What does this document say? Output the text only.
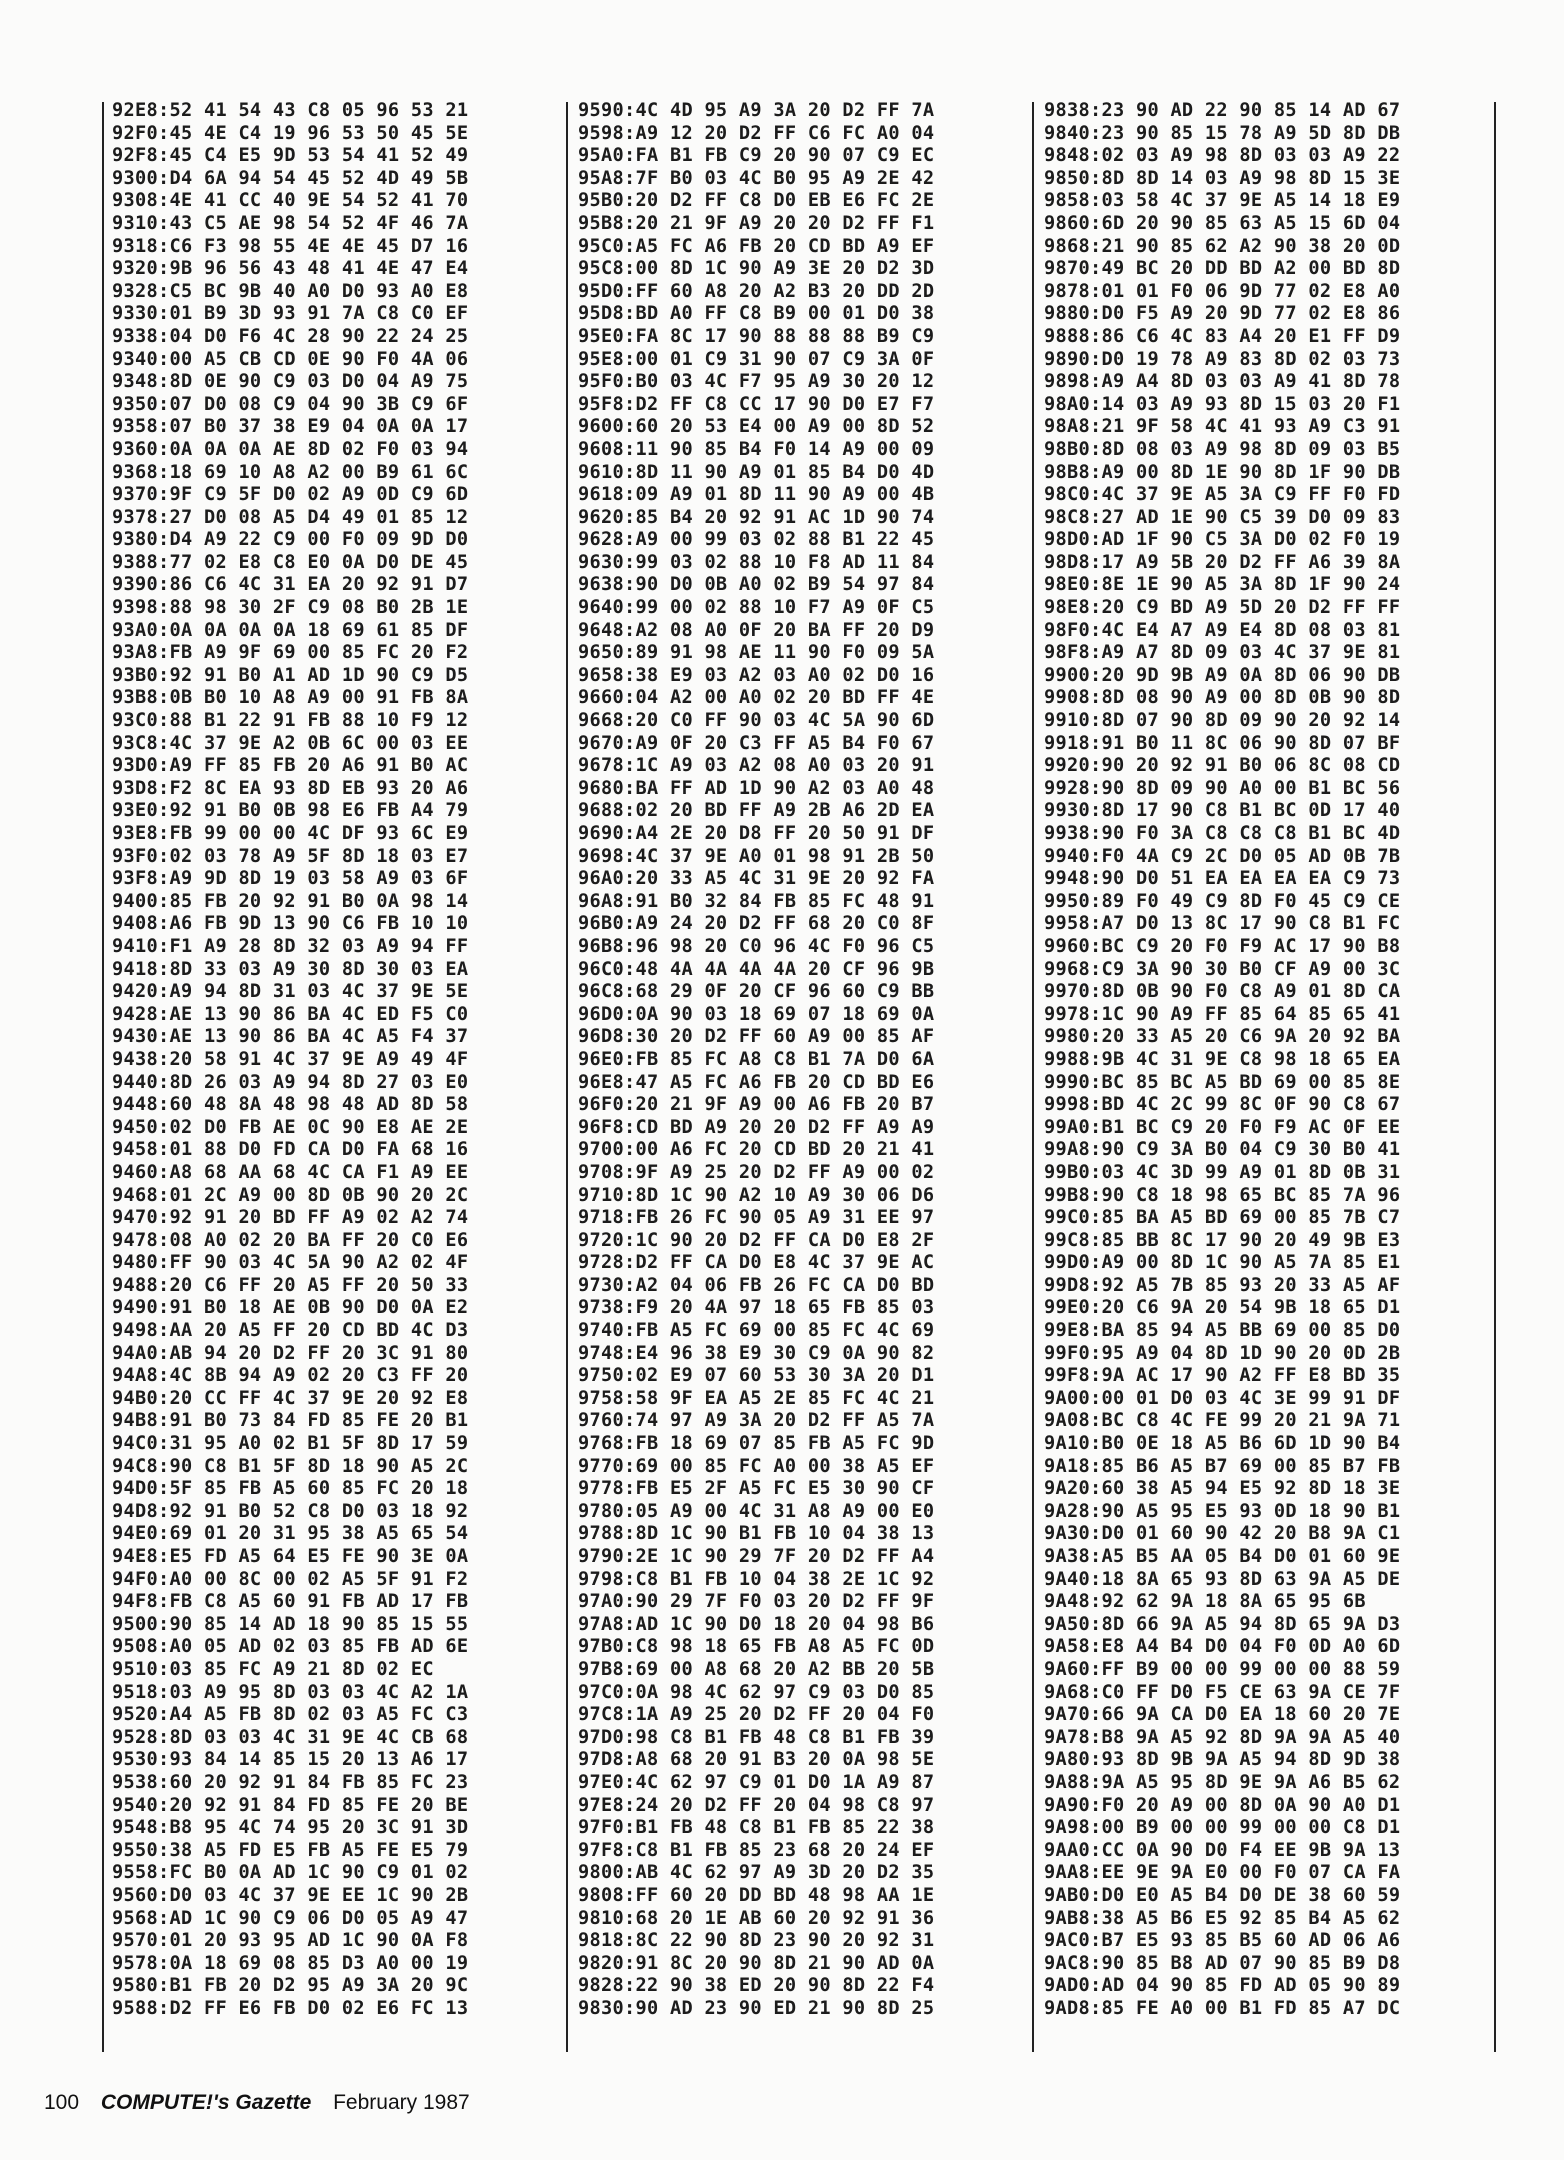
92E8:52 41 54 43 C8 05 96 53 21
92F0:45 4E C4 19 96 53 50 45 5E
92F8:45 C4 E5 9D 53 54 41 52 49
9300:D4 6A 94 54 45 52 4D 49 5B
9308:4E 41 CC 40 9E 54 52 41 70
9310:43 C5 AE 98 54 52 4F 46 7A
9318:C6 F3 98 55 4E 4E 45 D7 16
9320:9B 96 56 43 48 41 4E 47 E4
9328:C5 BC 9B 40 A0 D0 93 A0 E8
9330:01 B9 3D 93 91 7A C8 C0 EF
9338:04 D0 F6 4C 28 90 22 24 25
9340:00 A5 CB CD 0E 90 F0 4A 06
9348:8D 0E 90 C9 03 D0 04 A9 75
9350:07 D0 08 C9 04 90 3B C9 6F
9358:07 B0 37 38 E9 04 0A 0A 17
9360:0A 0A 0A AE 8D 02 F0 03 94
9368:18 69 10 A8 A2 00 B9 61 6C
9370:9F C9 5F D0 02 A9 0D C9 6D
9378:27 D0 08 A5 D4 49 01 85 12
9380:D4 A9 22 C9 00 F0 09 9D D0
9388:77 02 E8 C8 E0 0A D0 DE 45
9390:86 C6 4C 31 EA 20 92 91 D7
9398:88 98 30 2F C9 08 B0 2B 1E
93A0:0A 0A 0A 0A 18 69 61 85 DF
93A8:FB A9 9F 69 00 85 FC 20 F2
93B0:92 91 B0 A1 AD 1D 90 C9 D5
93B8:0B B0 10 A8 A9 00 91 FB 8A
93C0:88 B1 22 91 FB 88 10 F9 12
93C8:4C 37 9E A2 0B 6C 00 03 EE
93D0:A9 FF 85 FB 20 A6 91 B0 AC
93D8:F2 8C EA 93 8D EB 93 20 A6
93E0:92 91 B0 0B 98 E6 FB A4 79
93E8:FB 99 00 00 4C DF 93 6C E9
93F0:02 03 78 A9 5F 8D 18 03 E7
93F8:A9 9D 8D 19 03 58 A9 03 6F
9400:85 FB 20 92 91 B0 0A 98 14
9408:A6 FB 9D 13 90 C6 FB 10 10
9410:F1 A9 28 8D 32 03 A9 94 FF
9418:8D 33 03 A9 30 8D 30 03 EA
9420:A9 94 8D 31 03 4C 37 9E 5E
9428:AE 13 90 86 BA 4C ED F5 C0
9430:AE 13 90 86 BA 4C A5 F4 37
9438:20 58 91 4C 37 9E A9 49 4F
9440:8D 26 03 A9 94 8D 27 03 E0
9448:60 48 8A 48 98 48 AD 8D 58
9450:02 D0 FB AE 0C 90 E8 AE 2E
9458:01 88 D0 FD CA D0 FA 68 16
9460:A8 68 AA 68 4C CA F1 A9 EE
9468:01 2C A9 00 8D 0B 90 20 2C
9470:92 91 20 BD FF A9 02 A2 74
9478:08 A0 02 20 BA FF 20 C0 E6
9480:FF 90 03 4C 5A 90 A2 02 4F
9488:20 C6 FF 20 A5 FF 20 50 33
9490:91 B0 18 AE 0B 90 D0 0A E2
9498:AA 20 A5 FF 20 CD BD 4C D3
94A0:AB 94 20 D2 FF 20 3C 91 80
94A8:4C 8B 94 A9 02 20 C3 FF 20
94B0:20 CC FF 4C 37 9E 20 92 E8
94B8:91 B0 73 84 FD 85 FE 20 B1
94C0:31 95 A0 02 B1 5F 8D 17 59
94C8:90 C8 B1 5F 8D 18 90 A5 2C
94D0:5F 85 FB A5 60 85 FC 20 18
94D8:92 91 B0 52 C8 D0 03 18 92
94E0:69 01 20 31 95 38 A5 65 54
94E8:E5 FD A5 64 E5 FE 90 3E 0A
94F0:A0 00 8C 00 02 A5 5F 91 F2
94F8:FB C8 A5 60 91 FB AD 17 FB
9500:90 85 14 AD 18 90 85 15 55
9508:A0 05 AD 02 03 85 FB AD 6E
9510:03 85 FC A9 21 8D 02 EC
9518:03 A9 95 8D 03 03 4C A2 1A
9520:A4 A5 FB 8D 02 03 A5 FC C3
9528:8D 03 03 4C 31 9E 4C CB 68
9530:93 84 14 85 15 20 13 A6 17
9538:60 20 92 91 84 FB 85 FC 23
9540:20 92 91 84 FD 85 FE 20 BE
9548:B8 95 4C 74 95 20 3C 91 3D
9550:38 A5 FD E5 FB A5 FE E5 79
9558:FC B0 0A AD 1C 90 C9 01 02
9560:D0 03 4C 37 9E EE 1C 90 2B
9568:AD 1C 90 C9 06 D0 05 A9 47
9570:01 20 93 95 AD 1C 90 0A F8
9578:0A 18 69 08 85 D3 A0 00 19
9580:B1 FB 20 D2 95 A9 3A 20 9C
9588:D2 FF E6 FB D0 02 E6 FC 13
9590:4C 4D 95 A9 3A 20 D2 FF 7A
9598:A9 12 20 D2 FF C6 FC A0 04
95A0:FA B1 FB C9 20 90 07 C9 EC
95A8:7F B0 03 4C B0 95 A9 2E 42
95B0:20 D2 FF C8 D0 EB E6 FC 2E
95B8:20 21 9F A9 20 20 D2 FF F1
95C0:A5 FC A6 FB 20 CD BD A9 EF
95C8:00 8D 1C 90 A9 3E 20 D2 3D
95D0:FF 60 A8 20 A2 B3 20 DD 2D
95D8:BD A0 FF C8 B9 00 01 D0 38
95E0:FA 8C 17 90 88 88 88 B9 C9
95E8:00 01 C9 31 90 07 C9 3A 0F
95F0:B0 03 4C F7 95 A9 30 20 12
95F8:D2 FF C8 CC 17 90 D0 E7 F7
9600:60 20 53 E4 00 A9 00 8D 52
9608:11 90 85 B4 F0 14 A9 00 09
9610:8D 11 90 A9 01 85 B4 D0 4D
9618:09 A9 01 8D 11 90 A9 00 4B
9620:85 B4 20 92 91 AC 1D 90 74
9628:A9 00 99 03 02 88 B1 22 45
9630:99 03 02 88 10 F8 AD 11 84
9638:90 D0 0B A0 02 B9 54 97 84
9640:99 00 02 88 10 F7 A9 0F C5
9648:A2 08 A0 0F 20 BA FF 20 D9
9650:89 91 98 AE 11 90 F0 09 5A
9658:38 E9 03 A2 03 A0 02 D0 16
9660:04 A2 00 A0 02 20 BD FF 4E
9668:20 C0 FF 90 03 4C 5A 90 6D
9670:A9 0F 20 C3 FF A5 B4 F0 67
9678:1C A9 03 A2 08 A0 03 20 91
9680:BA FF AD 1D 90 A2 03 A0 48
9688:02 20 BD FF A9 2B A6 2D EA
9690:A4 2E 20 D8 FF 20 50 91 DF
9698:4C 37 9E A0 01 98 91 2B 50
96A0:20 33 A5 4C 31 9E 20 92 FA
96A8:91 B0 32 84 FB 85 FC 48 91
96B0:A9 24 20 D2 FF 68 20 C0 8F
96B8:96 98 20 C0 96 4C F0 96 C5
96C0:48 4A 4A 4A 4A 20 CF 96 9B
96C8:68 29 0F 20 CF 96 60 C9 BB
96D0:0A 90 03 18 69 07 18 69 0A
96D8:30 20 D2 FF 60 A9 00 85 AF
96E0:FB 85 FC A8 C8 B1 7A D0 6A
96E8:47 A5 FC A6 FB 20 CD BD E6
96F0:20 21 9F A9 00 A6 FB 20 B7
96F8:CD BD A9 20 20 D2 FF A9 A9
9700:00 A6 FC 20 CD BD 20 21 41
9708:9F A9 25 20 D2 FF A9 00 02
9710:8D 1C 90 A2 10 A9 30 06 D6
9718:FB 26 FC 90 05 A9 31 EE 97
9720:1C 90 20 D2 FF CA D0 E8 2F
9728:D2 FF CA D0 E8 4C 37 9E AC
9730:A2 04 06 FB 26 FC CA D0 BD
9738:F9 20 4A 97 18 65 FB 85 03
9740:FB A5 FC 69 00 85 FC 4C 69
9748:E4 96 38 E9 30 C9 0A 90 82
9750:02 E9 07 60 53 30 3A 20 D1
9758:58 9F EA A5 2E 85 FC 4C 21
9760:74 97 A9 3A 20 D2 FF A5 7A
9768:FB 18 69 07 85 FB A5 FC 9D
9770:69 00 85 FC A0 00 38 A5 EF
9778:FB E5 2F A5 FC E5 30 90 CF
9780:05 A9 00 4C 31 A8 A9 00 E0
9788:8D 1C 90 B1 FB 10 04 38 13
9790:2E 1C 90 29 7F 20 D2 FF A4
9798:C8 B1 FB 10 04 38 2E 1C 92
97A0:90 29 7F F0 03 20 D2 FF 9F
97A8:AD 1C 90 D0 18 20 04 98 B6
97B0:C8 98 18 65 FB A8 A5 FC 0D
97B8:69 00 A8 68 20 A2 BB 20 5B
97C0:0A 98 4C 62 97 C9 03 D0 85
97C8:1A A9 25 20 D2 FF 20 04 F0
97D0:98 C8 B1 FB 48 C8 B1 FB 39
97D8:A8 68 20 91 B3 20 0A 98 5E
97E0:4C 62 97 C9 01 D0 1A A9 87
97E8:24 20 D2 FF 20 04 98 C8 97
97F0:B1 FB 48 C8 B1 FB 85 22 38
97F8:C8 B1 FB 85 23 68 20 24 EF
9800:AB 4C 62 97 A9 3D 20 D2 35
9808:FF 60 20 DD BD 48 98 AA 1E
9810:68 20 1E AB 60 20 92 91 36
9818:8C 22 90 8D 23 90 20 92 31
9820:91 8C 20 90 8D 21 90 AD 0A
9828:22 90 38 ED 20 90 8D 22 F4
9830:90 AD 23 90 ED 21 90 8D 25
9838:23 90 AD 22 90 85 14 AD 67
9840:23 90 85 15 78 A9 5D 8D DB
9848:02 03 A9 98 8D 03 03 A9 22
9850:8D 8D 14 03 A9 98 8D 15 3E
9858:03 58 4C 37 9E A5 14 18 E9
9860:6D 20 90 85 63 A5 15 6D 04
9868:21 90 85 62 A2 90 38 20 0D
9870:49 BC 20 DD BD A2 00 BD 8D
9878:01 01 F0 06 9D 77 02 E8 A0
9880:D0 F5 A9 20 9D 77 02 E8 86
9888:86 C6 4C 83 A4 20 E1 FF D9
9890:D0 19 78 A9 83 8D 02 03 73
9898:A9 A4 8D 03 03 A9 41 8D 78
98A0:14 03 A9 93 8D 15 03 20 F1
98A8:21 9F 58 4C 41 93 A9 C3 91
98B0:8D 08 03 A9 98 8D 09 03 B5
98B8:A9 00 8D 1E 90 8D 1F 90 DB
98C0:4C 37 9E A5 3A C9 FF F0 FD
98C8:27 AD 1E 90 C5 39 D0 09 83
98D0:AD 1F 90 C5 3A D0 02 F0 19
98D8:17 A9 5B 20 D2 FF A6 39 8A
98E0:8E 1E 90 A5 3A 8D 1F 90 24
98E8:20 C9 BD A9 5D 20 D2 FF FF
98F0:4C E4 A7 A9 E4 8D 08 03 81
98F8:A9 A7 8D 09 03 4C 37 9E 81
9900:20 9D 9B A9 0A 8D 06 90 DB
9908:8D 08 90 A9 00 8D 0B 90 8D
9910:8D 07 90 8D 09 90 20 92 14
9918:91 B0 11 8C 06 90 8D 07 BF
9920:90 20 92 91 B0 06 8C 08 CD
9928:90 8D 09 90 A0 00 B1 BC 56
9930:8D 17 90 C8 B1 BC 0D 17 40
9938:90 F0 3A C8 C8 C8 B1 BC 4D
9940:F0 4A C9 2C D0 05 AD 0B 7B
9948:90 D0 51 EA EA EA EA C9 73
9950:89 F0 49 C9 8D F0 45 C9 CE
9958:A7 D0 13 8C 17 90 C8 B1 FC
9960:BC C9 20 F0 F9 AC 17 90 B8
9968:C9 3A 90 30 B0 CF A9 00 3C
9970:8D 0B 90 F0 C8 A9 01 8D CA
9978:1C 90 A9 FF 85 64 85 65 41
9980:20 33 A5 20 C6 9A 20 92 BA
9988:9B 4C 31 9E C8 98 18 65 EA
9990:BC 85 BC A5 BD 69 00 85 8E
9998:BD 4C 2C 99 8C 0F 90 C8 67
99A0:B1 BC C9 20 F0 F9 AC 0F EE
99A8:90 C9 3A B0 04 C9 30 B0 41
99B0:03 4C 3D 99 A9 01 8D 0B 31
99B8:90 C8 18 98 65 BC 85 7A 96
99C0:85 BA A5 BD 69 00 85 7B C7
99C8:85 BB 8C 17 90 20 49 9B E3
99D0:A9 00 8D 1C 90 A5 7A 85 E1
99D8:92 A5 7B 85 93 20 33 A5 AF
99E0:20 C6 9A 20 54 9B 18 65 D1
99E8:BA 85 94 A5 BB 69 00 85 D0
99F0:95 A9 04 8D 1D 90 20 0D 2B
99F8:9A AC 17 90 A2 FF E8 BD 35
9A00:00 01 D0 03 4C 3E 99 91 DF
9A08:BC C8 4C FE 99 20 21 9A 71
9A10:B0 0E 18 A5 B6 6D 1D 90 B4
9A18:85 B6 A5 B7 69 00 85 B7 FB
9A20:60 38 A5 94 E5 92 8D 18 3E
9A28:90 A5 95 E5 93 0D 18 90 B1
9A30:D0 01 60 90 42 20 B8 9A C1
9A38:A5 B5 AA 05 B4 D0 01 60 9E
9A40:18 8A 65 93 8D 63 9A A5 DE
9A48:92 62 9A 18 8A 65 95 6B
9A50:8D 66 9A A5 94 8D 65 9A D3
9A58:E8 A4 B4 D0 04 F0 0D A0 6D
9A60:FF B9 00 00 99 00 00 88 59
9A68:C0 FF D0 F5 CE 63 9A CE 7F
9A70:66 9A CA D0 EA 18 60 20 7E
9A78:B8 9A A5 92 8D 9A 9A A5 40
9A80:93 8D 9B 9A A5 94 8D 9D 38
9A88:9A A5 95 8D 9E 9A A6 B5 62
9A90:F0 20 A9 00 8D 0A 90 A0 D1
9A98:00 B9 00 00 99 00 00 C8 D1
9AA0:CC 0A 90 D0 F4 EE 9B 9A 13
9AA8:EE 9E 9A E0 00 F0 07 CA FA
9AB0:D0 E0 A5 B4 D0 DE 38 60 59
9AB8:38 A5 B6 E5 92 85 B4 A5 62
9AC0:B7 E5 93 85 B5 60 AD 06 A6
9AC8:90 85 B8 AD 07 90 85 B9 D8
9AD0:AD 04 90 85 FD AD 05 90 89
9AD8:85 FE A0 00 B1 FD 85 A7 DC
100 COMPUTE!'s Gazette February 1987
